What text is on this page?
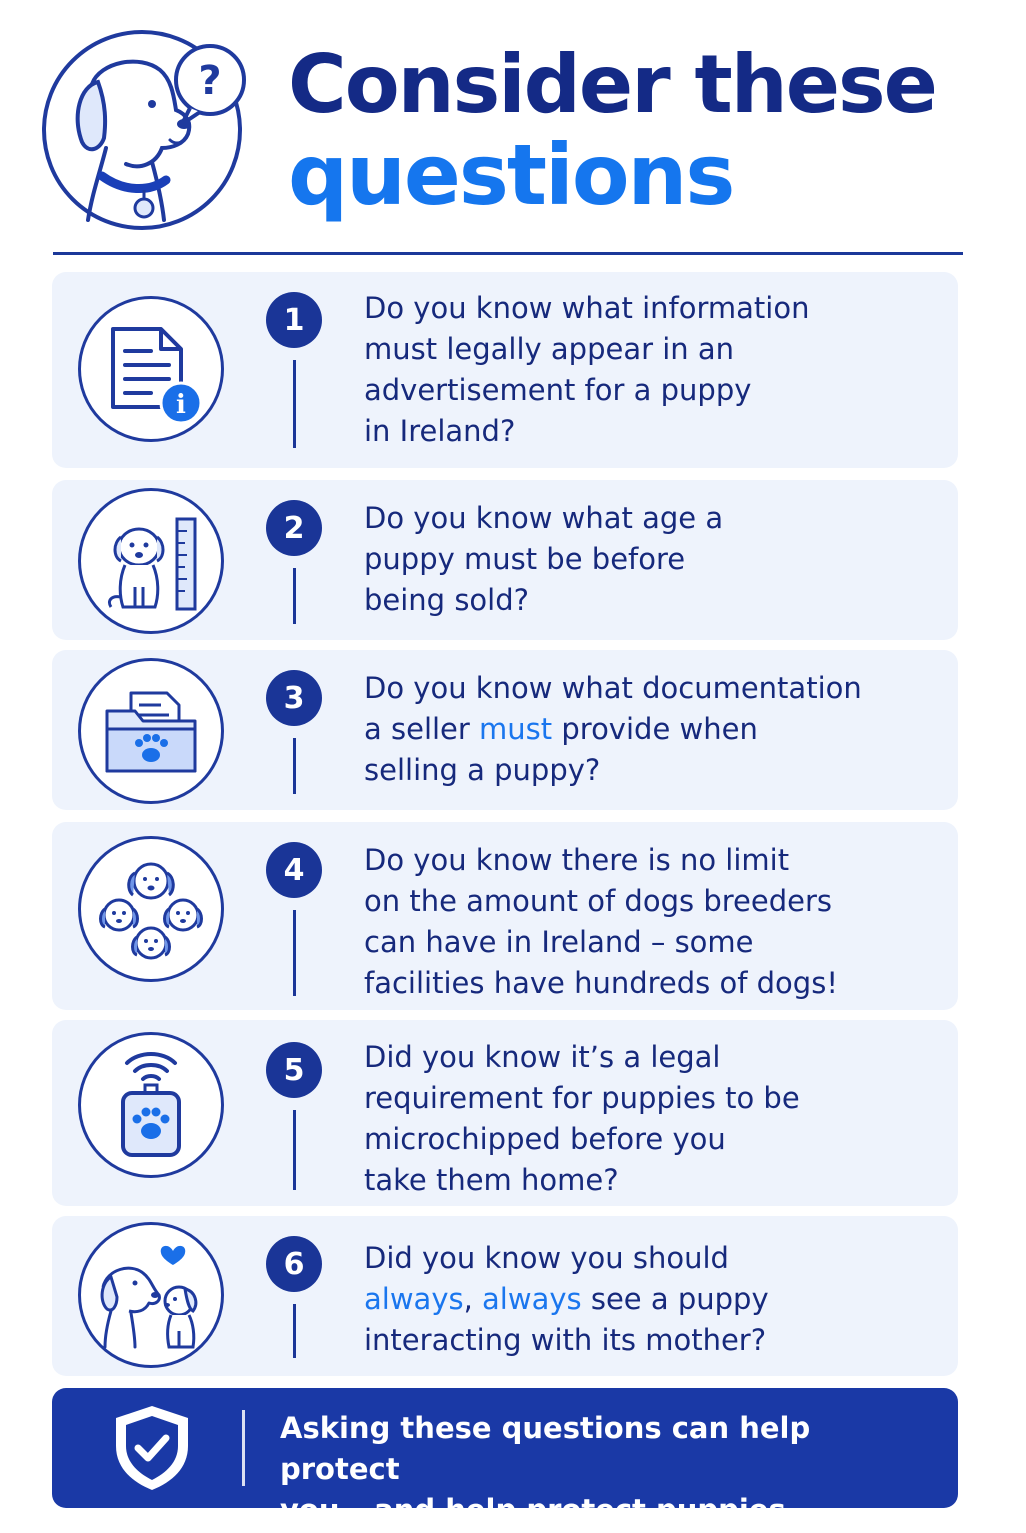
? Consider these
questions
i
1	Do you know what information
must legally appear in an
advertisement for a puppy
in Ireland?
2	Do you know what age a
puppy must be before
being sold?
3	Do you know what documentation
a seller must provide when
selling a puppy?
4	Do you know there is no limit
on the amount of dogs breeders
can have in Ireland – some
facilities have hundreds of dogs!
5	Did you know it’s a legal
requirement for puppies to be
microchipped before you
take them home?
6	Did you know you should
always, always see a puppy
interacting with its mother?
Asking these questions can help protect
you – and help protect puppies.
